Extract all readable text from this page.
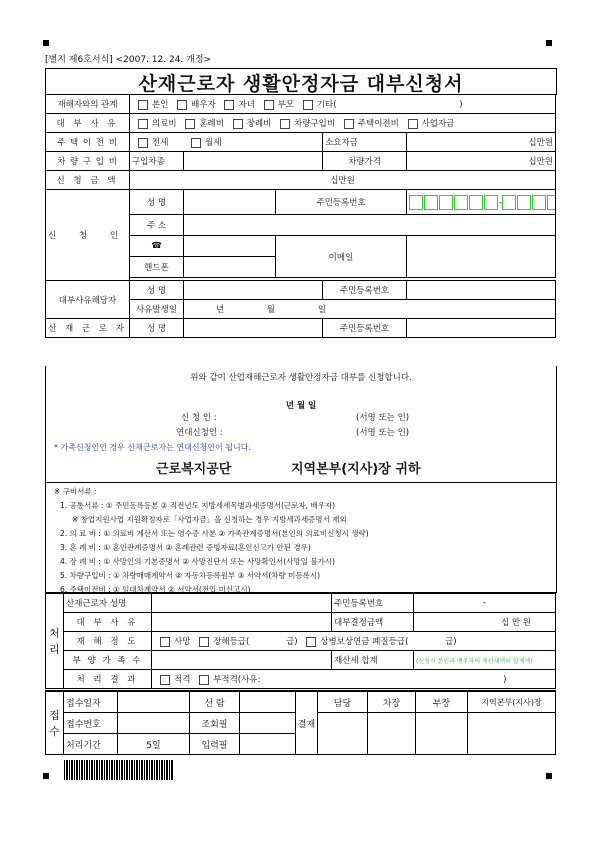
[별지 제6호서식] <2007. 12. 24. 개정>
산재근로자 생활안정자금 대부신청서
재해자와의 관계	본인 배우자 자녀 부모 기타( )				
대 부 사 유	의료비 혼례비 장례비 차량구입비 주택이전비 사업자금				
주 택 이 전 비	전세 월세			소요자금	십만원
차 량 구 입 비	구입차종			차량가격	십만원
신 청 금 액	십만원				
신 청 인	성 명		주민등록번호		-
	주 소				
	☎		이메일		
	핸드폰				

대부사유해당자	성 명			주민등록번호	
	사유발생일	년 월 일			
산 재 근 로 자	성 명			주민등록번호	
위와 같이 산업재해근로자 생활안정자금 대부를 신청합니다.
년 월 일
신 청 인 :	(서명 또는 인)
연대신청인 :	(서명 또는 인)
* 가족신청인인 경우 산재근로자는 연대신청인이 됩니다.
근로복지공단	지역본부(지사)장 귀하
※ 구비서류 :
1. 공통서류 : ① 주민등록등본 ② 직전년도 지방세세목별과세증명서(근로자, 배우자)
※ 창업지원사업 지원확정자로「사업자금」을 신청하는 경우 지방세과세증명서 제외
2. 의 료 비 : ① 의료비 계산서 또는 영수증 사본 ② 가족관계증명서(본인의 의료비신청시 생략)
3. 혼 례 비 : ① 혼인관계증명서 ② 혼례관련 증빙자료(혼인신고가 안된 경우)
4. 장 례 비 : ① 사망인의 기본증명서 ② 사망진단서 또는 사망확인서(사망일 불가시)
5. 차량구입비 : ① 차량매매계약서 ② 자동차등록원부 ③ 서약서(차량 미등록시)
6. 주택이전비 : ① 임대차계약서 ② 서약서(전입 미신고시)
처리	산재근로자 성명		주민등록번호	-
	대 부 사 유		대부결정금액	십 만 원
	재 해 정 도	사망 장해등급( 급) 상병보상연금 폐질등급( 급)		
	부 양 가 족 수		재산세 합계	(신청자 본인과 배우자의 재산세액의 합계액)
	처 리 결 과	적격 부적격(사유: )		
접수	접수일자		선 람		결재	담당	차장	부장	지역본부(지사)장
	접수번호		조회필						
	처리기간	5일	입력필						
